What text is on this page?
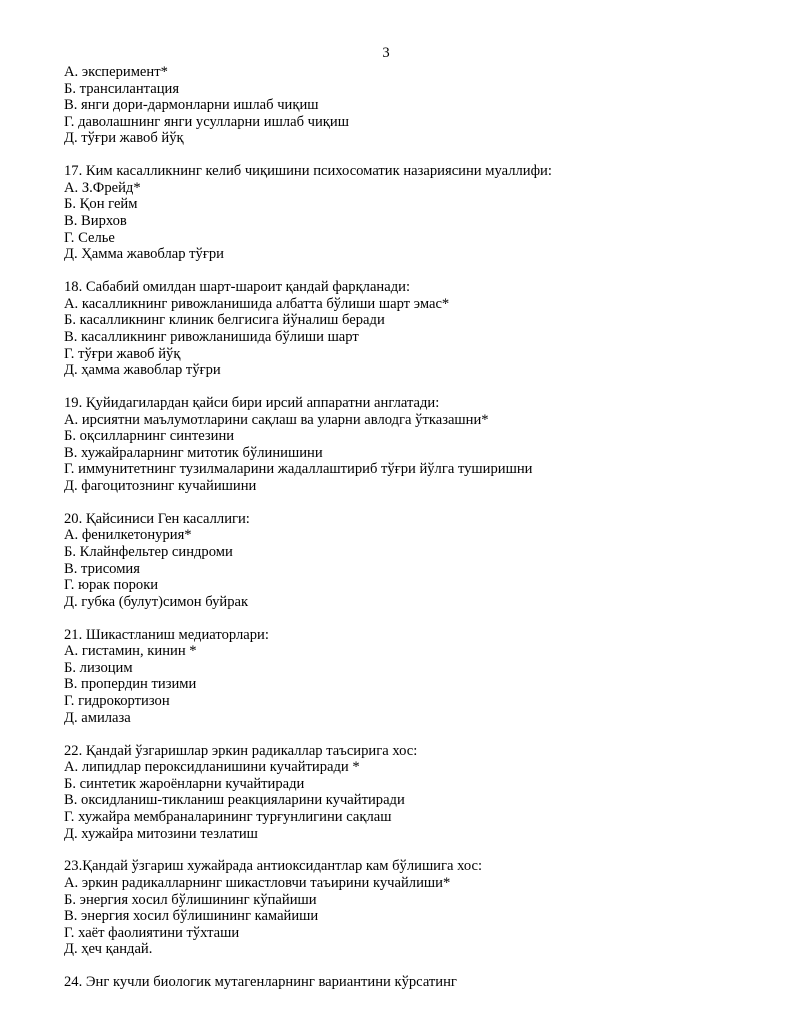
3
А. эксперимент*
Б. трансилантация
В. янги дори-дармонларни ишлаб чиқиш
Г. даволашнинг янги усулларни ишлаб чиқиш
Д. тўғри жавоб йўқ
17. Ким касалликнинг келиб чиқишини психосоматик назариясини муаллифи:
А. З.Фрейд*
Б. Қон гейм
В. Вирхов
Г. Селье
Д. Ҳамма жавоблар тўғри
18. Сабабий омилдан шарт-шароит қандай фарқланади:
А. касалликнинг ривожланишида албатта бўлиши шарт эмас*
Б. касалликнинг клиник белгисига йўналиш беради
В. касалликнинг ривожланишида бўлиши шарт
Г. тўғри жавоб йўқ
Д. ҳамма жавоблар тўғри
19. Қуйидагилардан қайси бири ирсий аппаратни англатади:
А. ирсиятни маълумотларини сақлаш ва уларни авлодга ўтказашни*
Б. оқсилларнинг синтезини
В. хужайраларнинг митотик бўлинишини
Г. иммунитетнинг тузилмаларини жадаллаштириб тўғри йўлга туширишни
Д. фагоцитознинг кучайишини
20. Қайсиниси Ген касаллиги:
А. фенилкетонурия*
Б. Клайнфельтер синдроми
В. трисомия
Г. юрак пороки
Д. губка (булут)симон буйрак
21. Шикастланиш медиаторлари:
А. гистамин, кинин *
Б. лизоцим
В. пропердин тизими
Г. гидрокортизон
Д. амилаза
22. Қандай ўзгаришлар эркин радикаллар таъсирига хос:
А. липидлар пероксидланишини кучайтиради *
Б. синтетик жароёнларни кучайтиради
В. оксидланиш-тикланиш реакцияларини кучайтиради
Г. хужайра мембраналарининг турғунлигини сақлаш
Д. хужайра митозини тезлатиш
23.Қандай ўзгариш хужайрада антиоксидантлар кам бўлишига хос:
А. эркин радикалларнинг шикастловчи таъирини кучайлиши*
Б. энергия хосил бўлишининг кўпайиши
В. энергия хосил бўлишининг камайиши
Г. хаёт фаолиятини тўхташи
Д. ҳеч қандай.
24. Энг кучли биологик мутагенларнинг вариантини кўрсатинг
